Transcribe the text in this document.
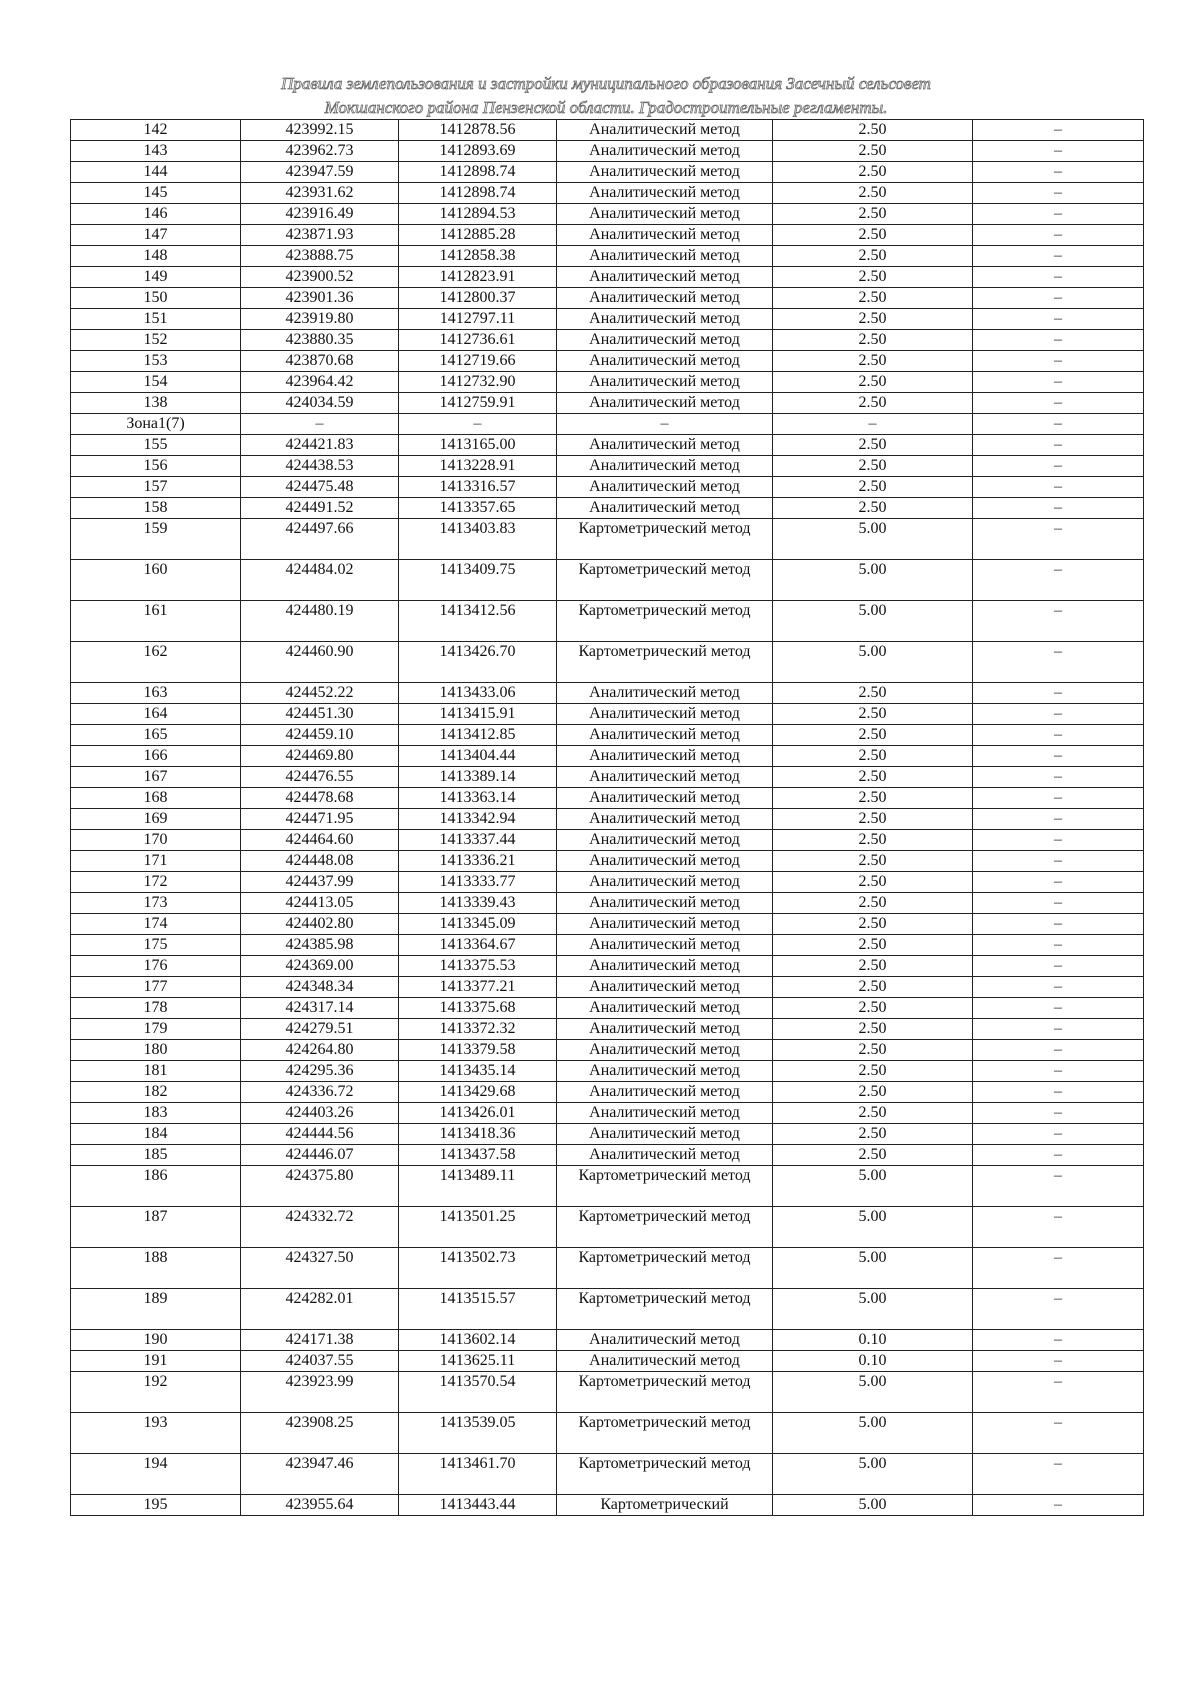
Правила землепользования и застройки муниципального образования Засечный сельсовет
Мокшанского района Пензенской области. Градостроительные регламенты.
142	423992.15	1412878.56	Аналитический метод	2.50	–
143	423962.73	1412893.69	Аналитический метод	2.50	–
144	423947.59	1412898.74	Аналитический метод	2.50	–
145	423931.62	1412898.74	Аналитический метод	2.50	–
146	423916.49	1412894.53	Аналитический метод	2.50	–
147	423871.93	1412885.28	Аналитический метод	2.50	–
148	423888.75	1412858.38	Аналитический метод	2.50	–
149	423900.52	1412823.91	Аналитический метод	2.50	–
150	423901.36	1412800.37	Аналитический метод	2.50	–
151	423919.80	1412797.11	Аналитический метод	2.50	–
152	423880.35	1412736.61	Аналитический метод	2.50	–
153	423870.68	1412719.66	Аналитический метод	2.50	–
154	423964.42	1412732.90	Аналитический метод	2.50	–
138	424034.59	1412759.91	Аналитический метод	2.50	–
Зона1(7)	–	–	–	–	–
155	424421.83	1413165.00	Аналитический метод	2.50	–
156	424438.53	1413228.91	Аналитический метод	2.50	–
157	424475.48	1413316.57	Аналитический метод	2.50	–
158	424491.52	1413357.65	Аналитический метод	2.50	–
159	424497.66	1413403.83	Картометрический метод	5.00	–
160	424484.02	1413409.75	Картометрический метод	5.00	–
161	424480.19	1413412.56	Картометрический метод	5.00	–
162	424460.90	1413426.70	Картометрический метод	5.00	–
163	424452.22	1413433.06	Аналитический метод	2.50	–
164	424451.30	1413415.91	Аналитический метод	2.50	–
165	424459.10	1413412.85	Аналитический метод	2.50	–
166	424469.80	1413404.44	Аналитический метод	2.50	–
167	424476.55	1413389.14	Аналитический метод	2.50	–
168	424478.68	1413363.14	Аналитический метод	2.50	–
169	424471.95	1413342.94	Аналитический метод	2.50	–
170	424464.60	1413337.44	Аналитический метод	2.50	–
171	424448.08	1413336.21	Аналитический метод	2.50	–
172	424437.99	1413333.77	Аналитический метод	2.50	–
173	424413.05	1413339.43	Аналитический метод	2.50	–
174	424402.80	1413345.09	Аналитический метод	2.50	–
175	424385.98	1413364.67	Аналитический метод	2.50	–
176	424369.00	1413375.53	Аналитический метод	2.50	–
177	424348.34	1413377.21	Аналитический метод	2.50	–
178	424317.14	1413375.68	Аналитический метод	2.50	–
179	424279.51	1413372.32	Аналитический метод	2.50	–
180	424264.80	1413379.58	Аналитический метод	2.50	–
181	424295.36	1413435.14	Аналитический метод	2.50	–
182	424336.72	1413429.68	Аналитический метод	2.50	–
183	424403.26	1413426.01	Аналитический метод	2.50	–
184	424444.56	1413418.36	Аналитический метод	2.50	–
185	424446.07	1413437.58	Аналитический метод	2.50	–
186	424375.80	1413489.11	Картометрический метод	5.00	–
187	424332.72	1413501.25	Картометрический метод	5.00	–
188	424327.50	1413502.73	Картометрический метод	5.00	–
189	424282.01	1413515.57	Картометрический метод	5.00	–
190	424171.38	1413602.14	Аналитический метод	0.10	–
191	424037.55	1413625.11	Аналитический метод	0.10	–
192	423923.99	1413570.54	Картометрический метод	5.00	–
193	423908.25	1413539.05	Картометрический метод	5.00	–
194	423947.46	1413461.70	Картометрический метод	5.00	–
195	423955.64	1413443.44	Картометрический	5.00	–
